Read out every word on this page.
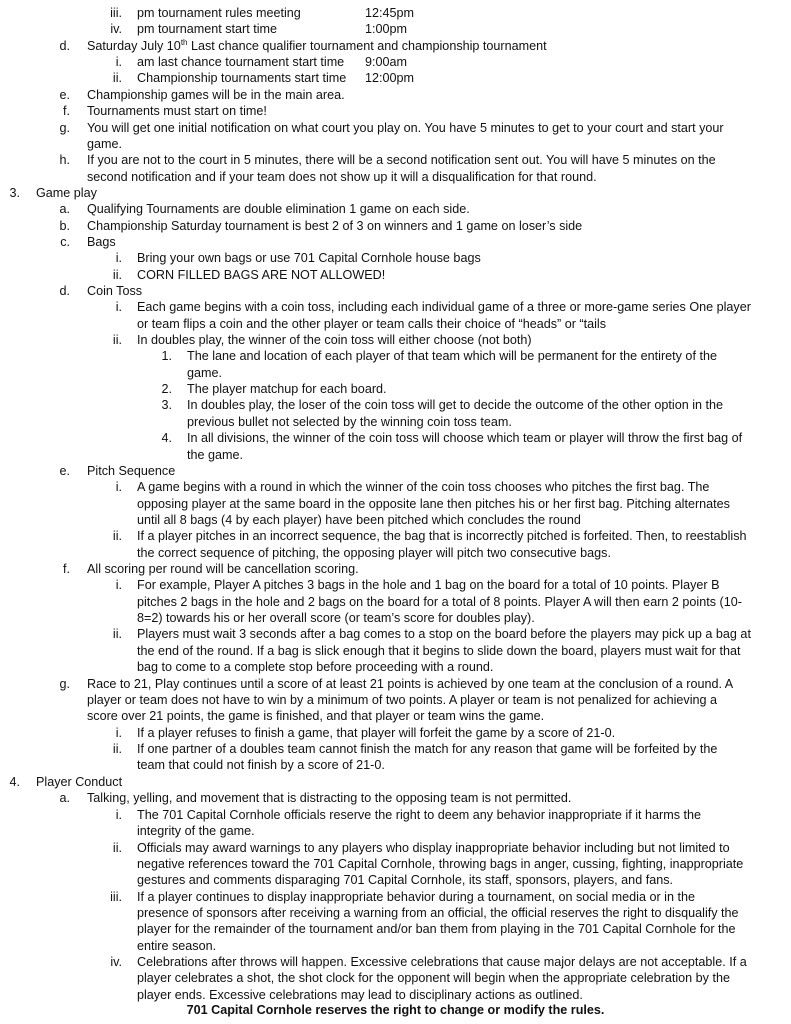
iii. pm tournament rules meeting	12:45pm
iv. pm tournament start time	1:00pm
d. Saturday July 10th Last chance qualifier tournament and championship tournament
i. am last chance tournament start time 9:00am
ii. Championship tournaments start time 12:00pm
e. Championship games will be in the main area.
f. Tournaments must start on time!
g. You will get one initial notification on what court you play on. You have 5 minutes to get to your court and start your
game.
h. If you are not to the court in 5 minutes, there will be a second notification sent out. You will have 5 minutes on the
second notification and if your team does not show up it will a disqualification for that round.
3. Game play
a. Qualifying Tournaments are double elimination 1 game on each side.
b. Championship Saturday tournament is best 2 of 3 on winners and 1 game on loser’s side
c. Bags
i. Bring your own bags or use 701 Capital Cornhole house bags
ii. CORN FILLED BAGS ARE NOT ALLOWED!
d. Coin Toss
i. Each game begins with a coin toss, including each individual game of a three or more-game series One player
or team flips a coin and the other player or team calls their choice of “heads” or “tails
ii. In doubles play, the winner of the coin toss will either choose (not both)
1. The lane and location of each player of that team which will be permanent for the entirety of the
game.
2. The player matchup for each board.
3. In doubles play, the loser of the coin toss will get to decide the outcome of the other option in the
previous bullet not selected by the winning coin toss team.
4. In all divisions, the winner of the coin toss will choose which team or player will throw the first bag of
the game.
e. Pitch Sequence
i. A game begins with a round in which the winner of the coin toss chooses who pitches the first bag. The
opposing player at the same board in the opposite lane then pitches his or her first bag. Pitching alternates
until all 8 bags (4 by each player) have been pitched which concludes the round
ii. If a player pitches in an incorrect sequence, the bag that is incorrectly pitched is forfeited. Then, to reestablish
the correct sequence of pitching, the opposing player will pitch two consecutive bags.
f. All scoring per round will be cancellation scoring.
i. For example, Player A pitches 3 bags in the hole and 1 bag on the board for a total of 10 points. Player B
pitches 2 bags in the hole and 2 bags on the board for a total of 8 points. Player A will then earn 2 points (10-
8=2) towards his or her overall score (or team’s score for doubles play).
ii. Players must wait 3 seconds after a bag comes to a stop on the board before the players may pick up a bag at
the end of the round. If a bag is slick enough that it begins to slide down the board, players must wait for that
bag to come to a complete stop before proceeding with a round.
g. Race to 21, Play continues until a score of at least 21 points is achieved by one team at the conclusion of a round. A
player or team does not have to win by a minimum of two points. A player or team is not penalized for achieving a
score over 21 points, the game is finished, and that player or team wins the game.
i. If a player refuses to finish a game, that player will forfeit the game by a score of 21-0.
ii. If one partner of a doubles team cannot finish the match for any reason that game will be forfeited by the
team that could not finish by a score of 21-0.
4. Player Conduct
a. Talking, yelling, and movement that is distracting to the opposing team is not permitted.
i. The 701 Capital Cornhole officials reserve the right to deem any behavior inappropriate if it harms the
integrity of the game.
ii. Officials may award warnings to any players who display inappropriate behavior including but not limited to
negative references toward the 701 Capital Cornhole, throwing bags in anger, cussing, fighting, inappropriate
gestures and comments disparaging 701 Capital Cornhole, its staff, sponsors, players, and fans.
iii. If a player continues to display inappropriate behavior during a tournament, on social media or in the
presence of sponsors after receiving a warning from an official, the official reserves the right to disqualify the
player for the remainder of the tournament and/or ban them from playing in the 701 Capital Cornhole for the
entire season.
iv. Celebrations after throws will happen. Excessive celebrations that cause major delays are not acceptable. If a
player celebrates a shot, the shot clock for the opponent will begin when the appropriate celebration by the
player ends. Excessive celebrations may lead to disciplinary actions as outlined.
701 Capital Cornhole reserves the right to change or modify the rules.
